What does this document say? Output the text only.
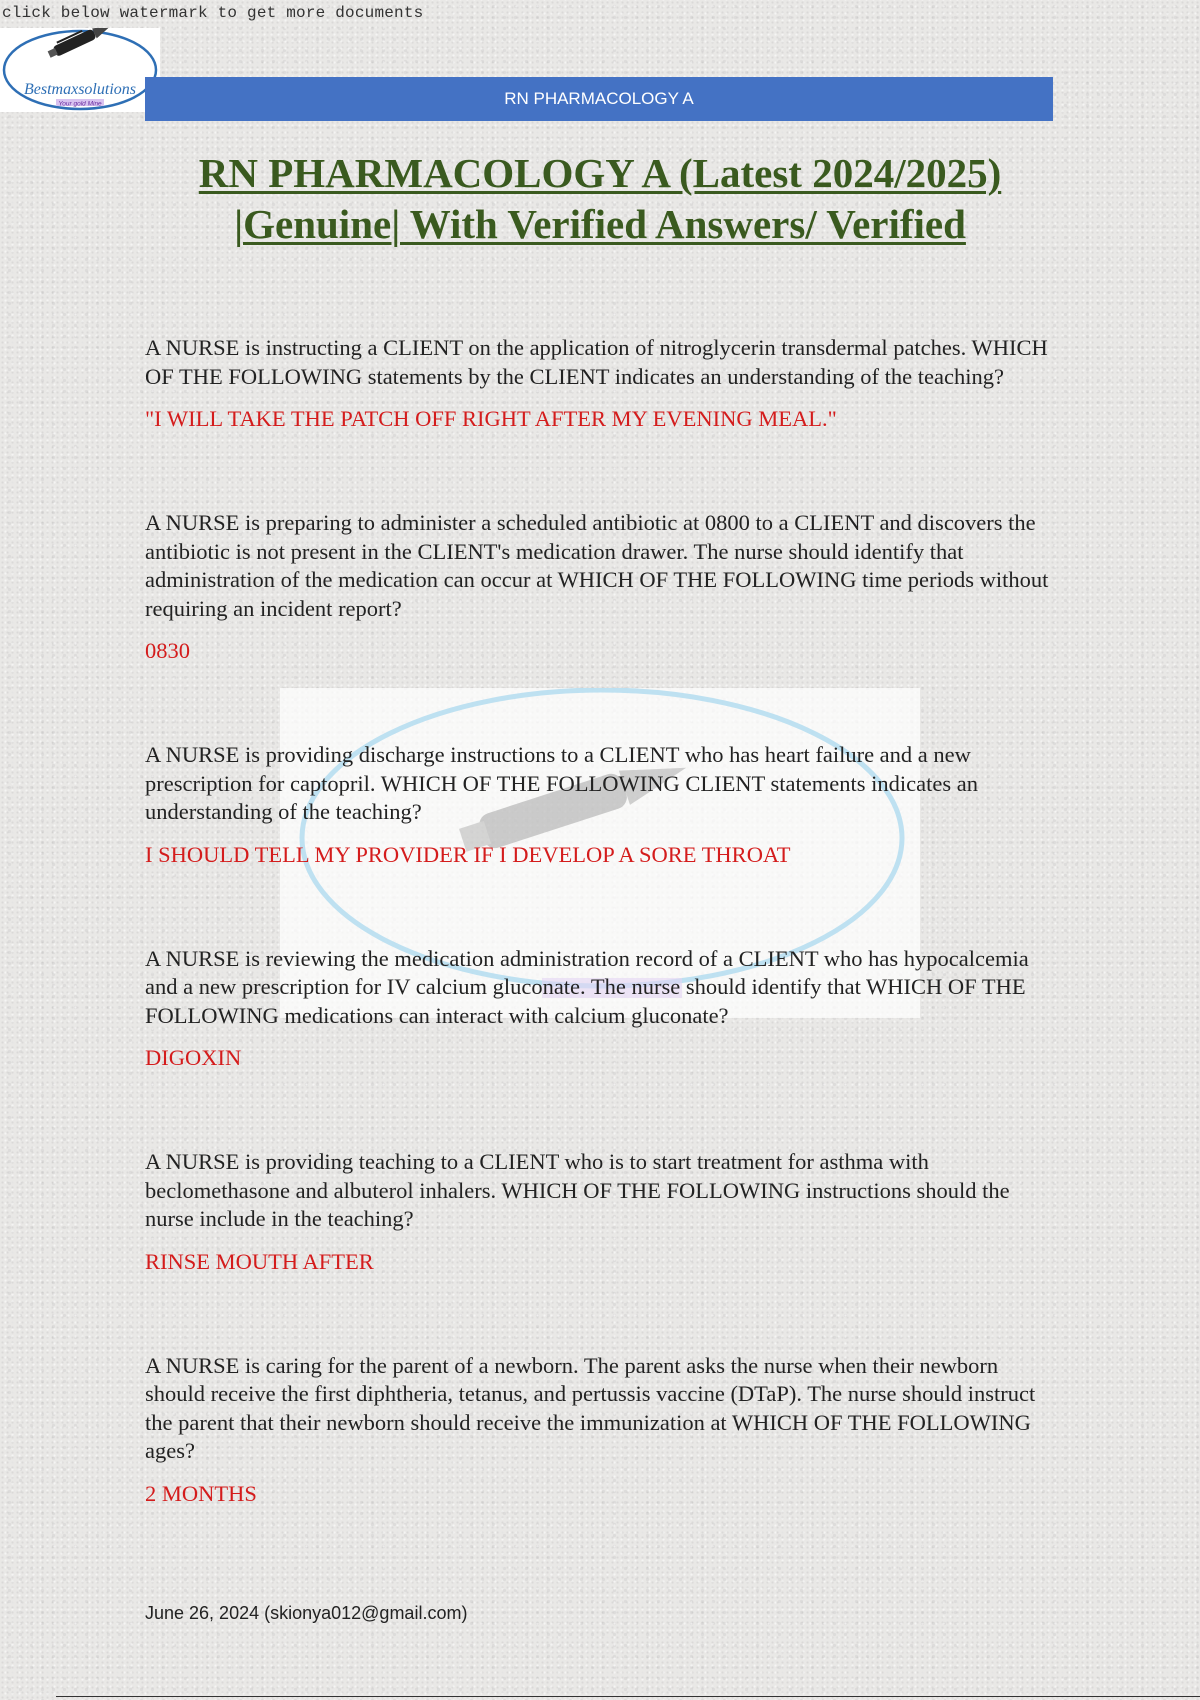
click below watermark to get more documents
Bestmaxsolutions
Your gold Mine	RN PHARMACOLOGY A
RN PHARMACOLOGY A (Latest 2024/2025)
|Genuine| With Verified Answers/ Verified

A NURSE is instructing a CLIENT on the application of nitroglycerin transdermal patches. WHICH OF THE FOLLOWING statements by the CLIENT indicates an understanding of the teaching?

"I WILL TAKE THE PATCH OFF RIGHT AFTER MY EVENING MEAL."

A NURSE is preparing to administer a scheduled antibiotic at 0800 to a CLIENT and discovers the antibiotic is not present in the CLIENT's medication drawer. The nurse should identify that administration of the medication can occur at WHICH OF THE FOLLOWING time periods without requiring an incident report?

0830

A NURSE is providing discharge instructions to a CLIENT who has heart failure and a new prescription for captopril. WHICH OF THE FOLLOWING CLIENT statements indicates an understanding of the teaching?

I SHOULD TELL MY PROVIDER IF I DEVELOP A SORE THROAT

A NURSE is reviewing the medication administration record of a CLIENT who has hypocalcemia and a new prescription for IV calcium gluconate. The nurse should identify that WHICH OF THE FOLLOWING medications can interact with calcium gluconate?

DIGOXIN

A NURSE is providing teaching to a CLIENT who is to start treatment for asthma with beclomethasone and albuterol inhalers. WHICH OF THE FOLLOWING instructions should the nurse include in the teaching?

RINSE MOUTH AFTER

A NURSE is caring for the parent of a newborn. The parent asks the nurse when their newborn should receive the first diphtheria, tetanus, and pertussis vaccine (DTaP). The nurse should instruct the parent that their newborn should receive the immunization at WHICH OF THE FOLLOWING ages?

2 MONTHS

June 26, 2024 (skionya012@gmail.com)
